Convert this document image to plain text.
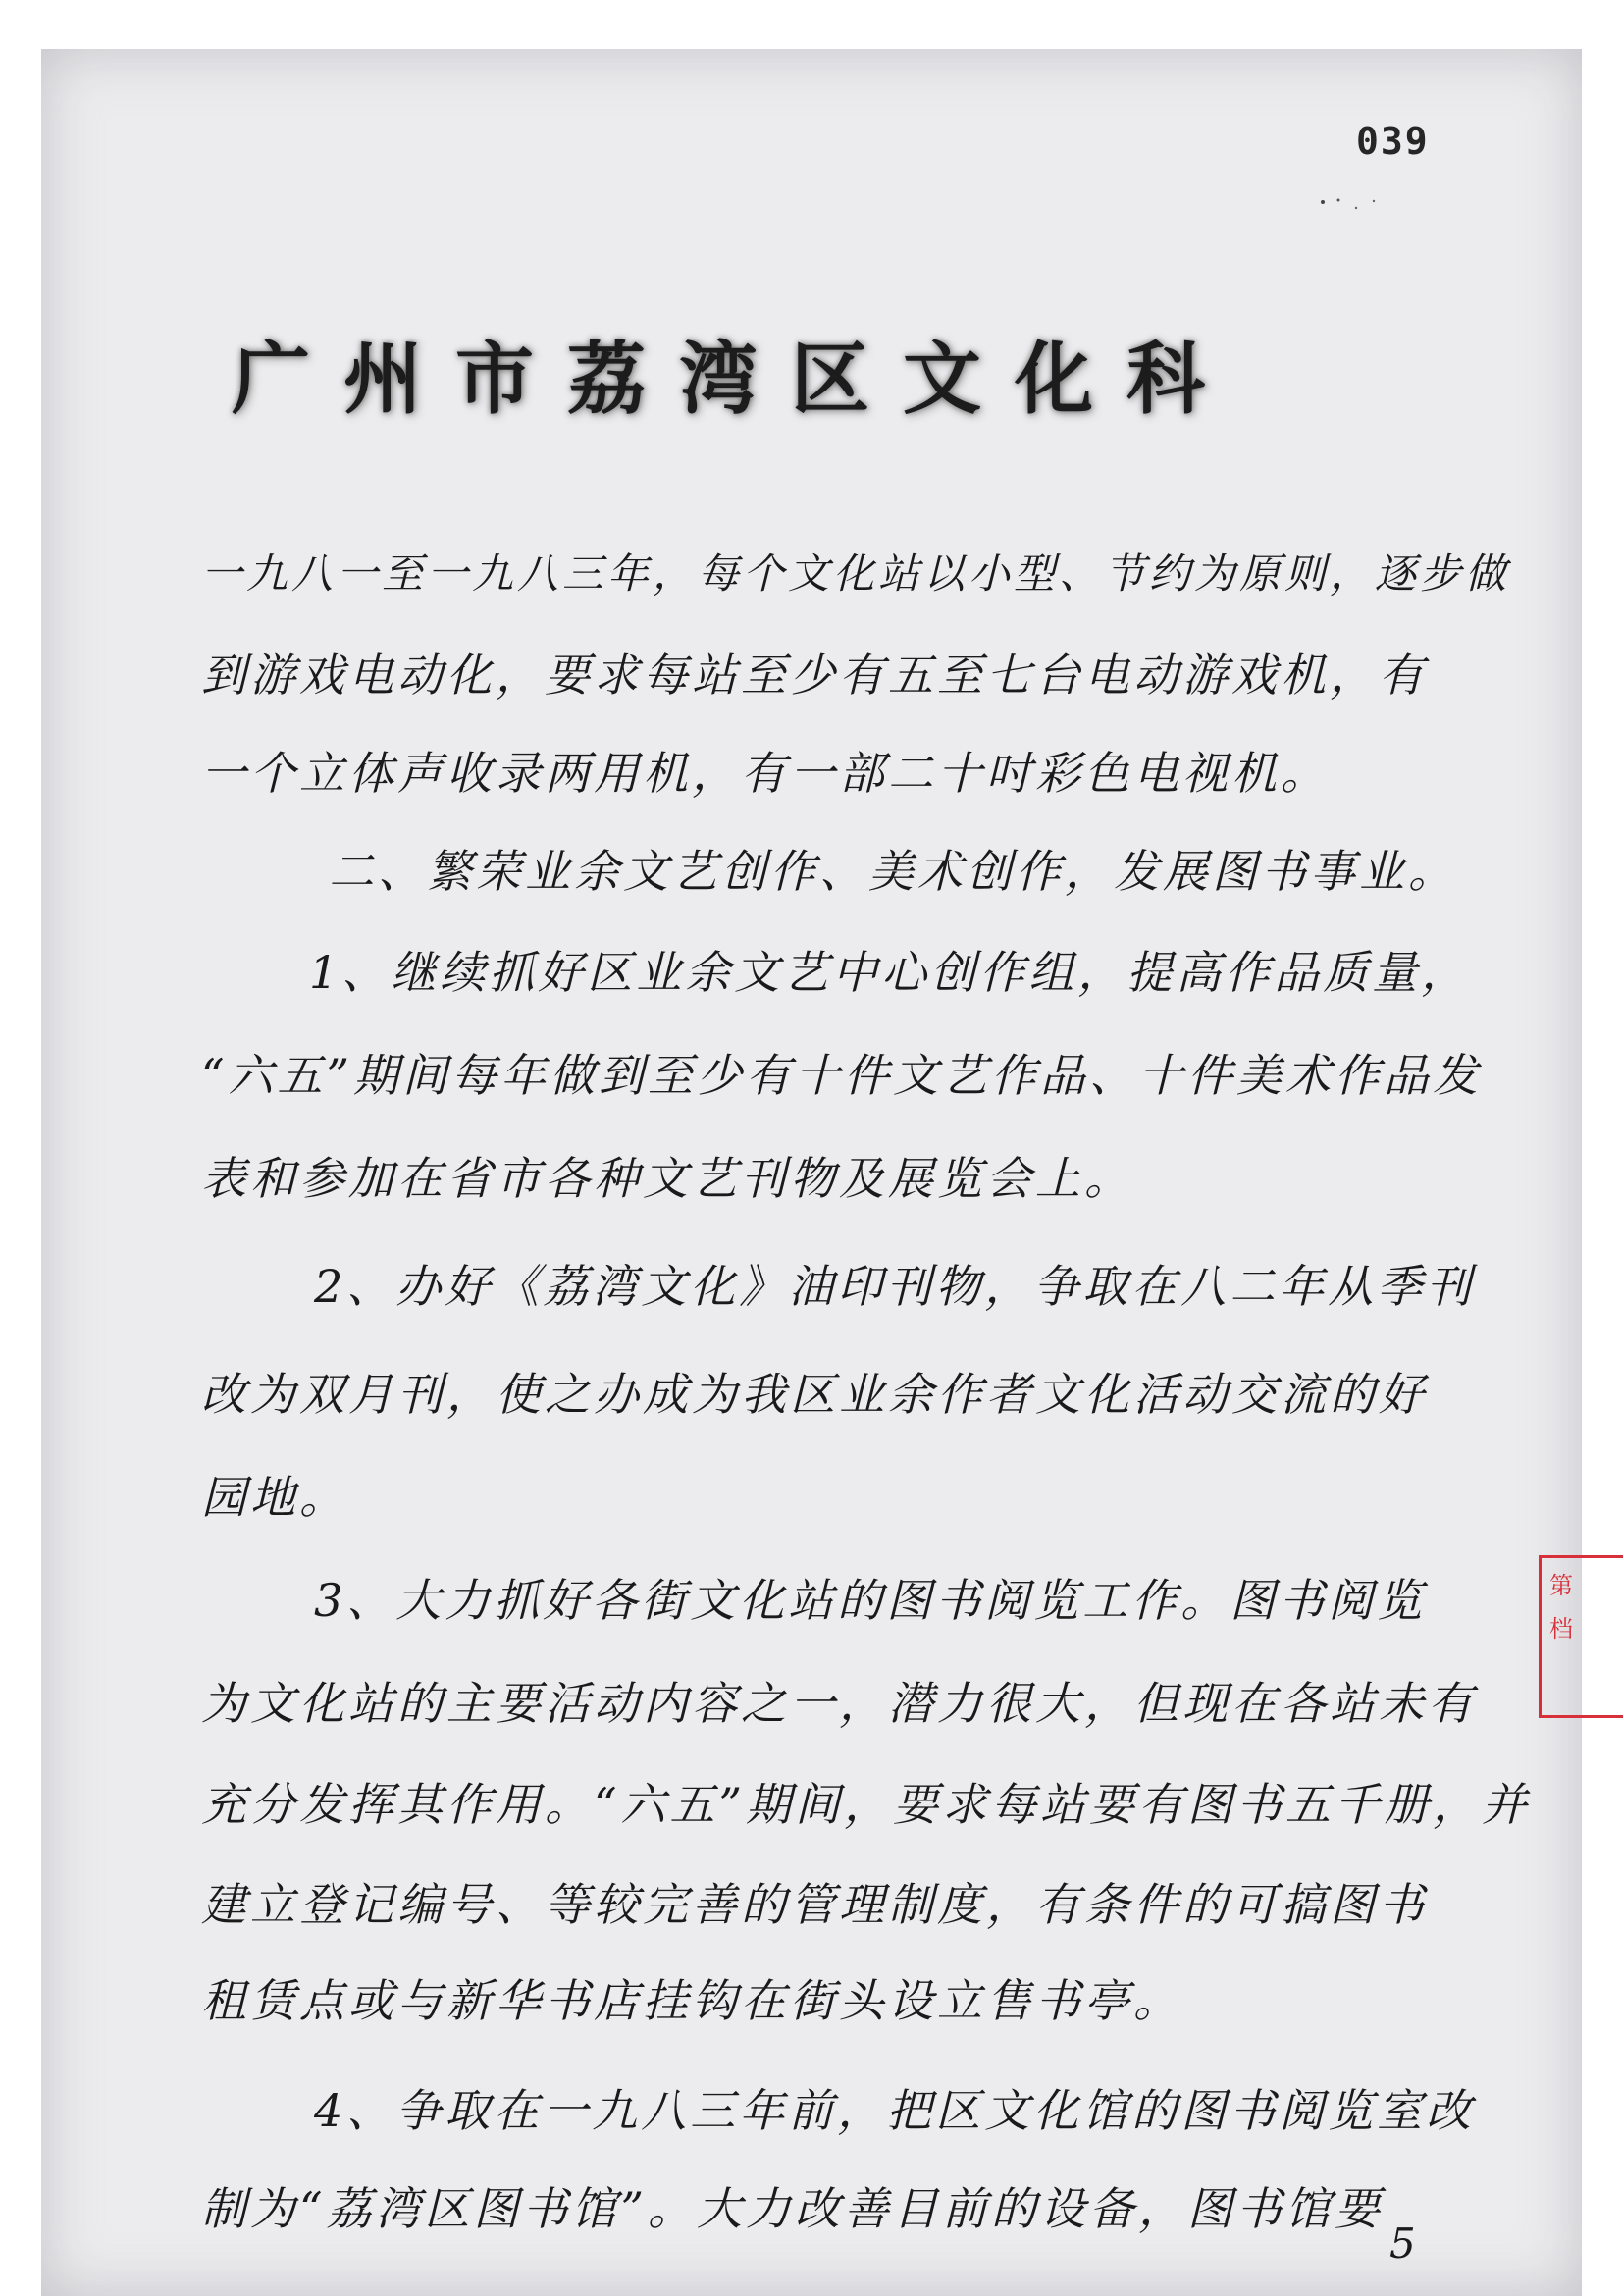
039
广州市荔湾区文化科
一九八一至一九八三年，每个文化站以小型、节约为原则，逐步做
到游戏电动化，要求每站至少有五至七台电动游戏机，有
一个立体声收录两用机，有一部二十吋彩色电视机。
二、繁荣业余文艺创作、美术创作，发展图书事业。
1、继续抓好区业余文艺中心创作组，提高作品质量，
“六五”期间每年做到至少有十件文艺作品、十件美术作品发
表和参加在省市各种文艺刊物及展览会上。
2、办好《荔湾文化》油印刊物，争取在八二年从季刊
改为双月刊，使之办成为我区业余作者文化活动交流的好
园地。
3、大力抓好各街文化站的图书阅览工作。图书阅览
为文化站的主要活动内容之一，潜力很大，但现在各站未有
充分发挥其作用。“六五”期间，要求每站要有图书五千册，并
建立登记编号、等较完善的管理制度，有条件的可搞图书
租赁点或与新华书店挂钩在街头设立售书亭。
4、争取在一九八三年前，把区文化馆的图书阅览室改
制为“荔湾区图书馆”。大力改善目前的设备，图书馆要
第
档
5
